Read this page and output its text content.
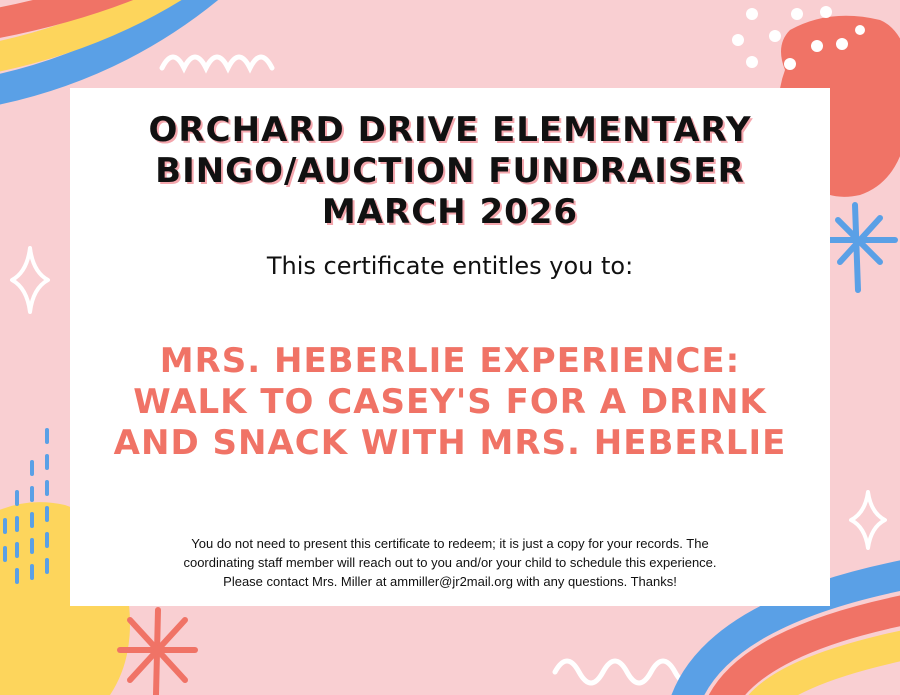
ORCHARD DRIVE ELEMENTARY
BINGO/AUCTION FUNDRAISER
MARCH 2026
This certificate entitles you to:
MRS. HEBERLIE EXPERIENCE:
WALK TO CASEY'S FOR A DRINK
AND SNACK WITH MRS. HEBERLIE
You do not need to present this certificate to redeem; it is just a copy for your records. The
coordinating staff member will reach out to you and/or your child to schedule this experience.
Please contact Mrs. Miller at ammiller@jr2mail.org with any questions. Thanks!
